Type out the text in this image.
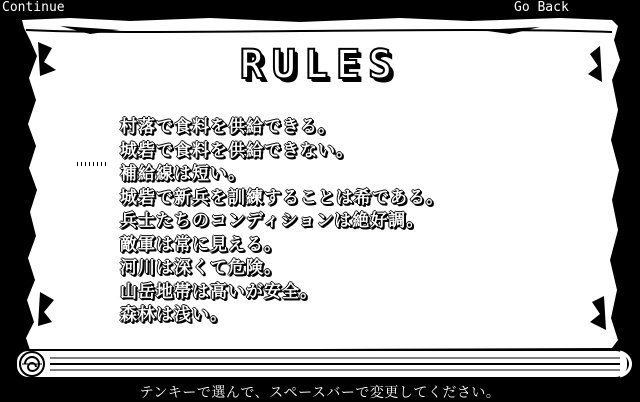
Continue	Go Back
RULES
村落で食料を供給できる。
城砦で食料を供給できない。
補給線は短い。
城砦で新兵を訓練することは希である。
兵士たちのコンディションは絶好調。
敵軍は常に見える。
河川は深くて危険。
山岳地帯は高いが安全。
森林は浅い。
テンキーで選んで、スペースバーで変更してください。
